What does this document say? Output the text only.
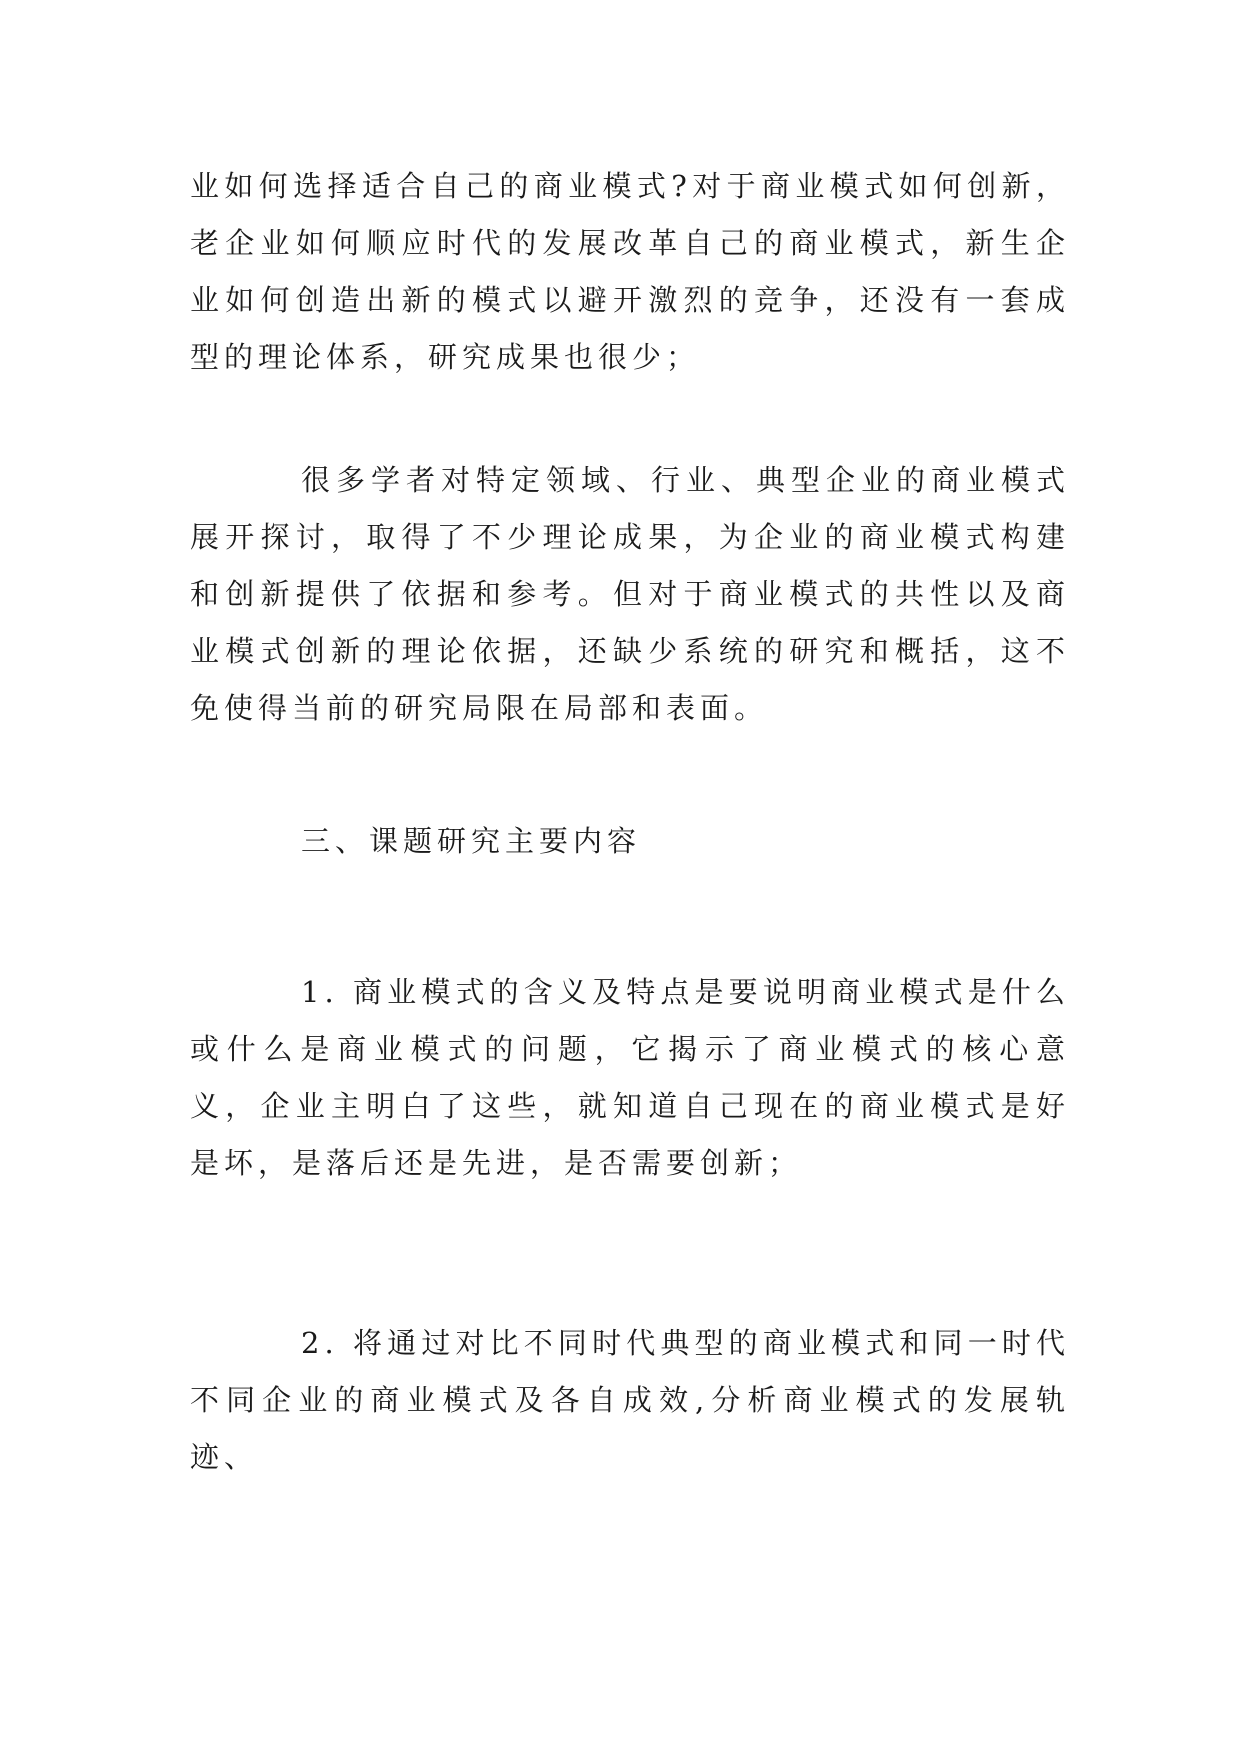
业如何选择适合自己的商业模式?对于商业模式如何创新，老企业如何顺应时代的发展改革自己的商业模式，新生企业如何创造出新的模式以避开激烈的竞争，还没有一套成型的理论体系，研究成果也很少；

很多学者对特定领域、行业、典型企业的商业模式展开探讨，取得了不少理论成果，为企业的商业模式构建和创新提供了依据和参考。但对于商业模式的共性以及商业模式创新的理论依据，还缺少系统的研究和概括，这不免使得当前的研究局限在局部和表面。

三、课题研究主要内容

1. 商业模式的含义及特点是要说明商业模式是什么或什么是商业模式的问题，它揭示了商业模式的核心意义，企业主明白了这些，就知道自己现在的商业模式是好是坏，是落后还是先进，是否需要创新；

2. 将通过对比不同时代典型的商业模式和同一时代不同企业的商业模式及各自成效,分析商业模式的发展轨迹、
